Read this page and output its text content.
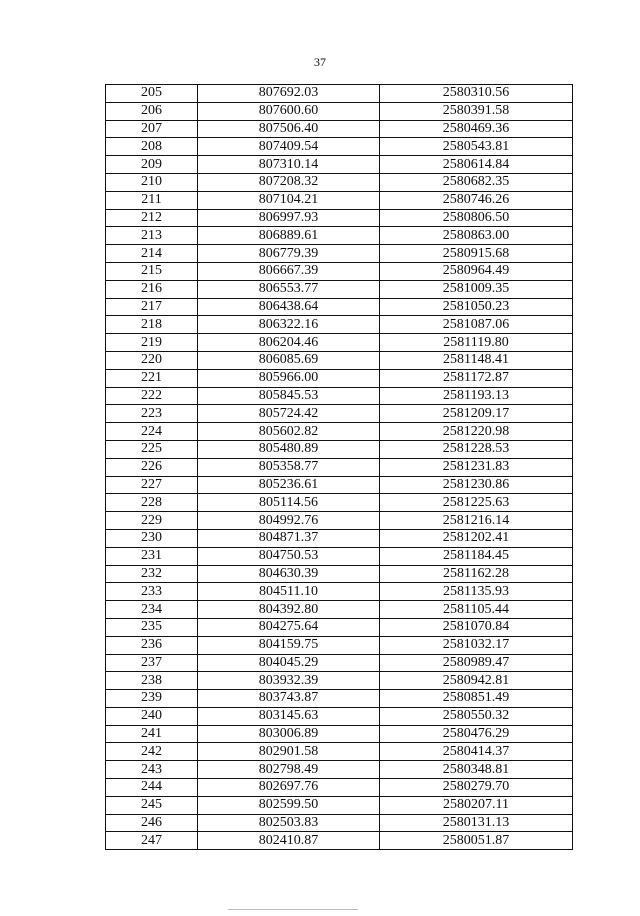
37
205	807692.03	2580310.56
206	807600.60	2580391.58
207	807506.40	2580469.36
208	807409.54	2580543.81
209	807310.14	2580614.84
210	807208.32	2580682.35
211	807104.21	2580746.26
212	806997.93	2580806.50
213	806889.61	2580863.00
214	806779.39	2580915.68
215	806667.39	2580964.49
216	806553.77	2581009.35
217	806438.64	2581050.23
218	806322.16	2581087.06
219	806204.46	2581119.80
220	806085.69	2581148.41
221	805966.00	2581172.87
222	805845.53	2581193.13
223	805724.42	2581209.17
224	805602.82	2581220.98
225	805480.89	2581228.53
226	805358.77	2581231.83
227	805236.61	2581230.86
228	805114.56	2581225.63
229	804992.76	2581216.14
230	804871.37	2581202.41
231	804750.53	2581184.45
232	804630.39	2581162.28
233	804511.10	2581135.93
234	804392.80	2581105.44
235	804275.64	2581070.84
236	804159.75	2581032.17
237	804045.29	2580989.47
238	803932.39	2580942.81
239	803743.87	2580851.49
240	803145.63	2580550.32
241	803006.89	2580476.29
242	802901.58	2580414.37
243	802798.49	2580348.81
244	802697.76	2580279.70
245	802599.50	2580207.11
246	802503.83	2580131.13
247	802410.87	2580051.87
